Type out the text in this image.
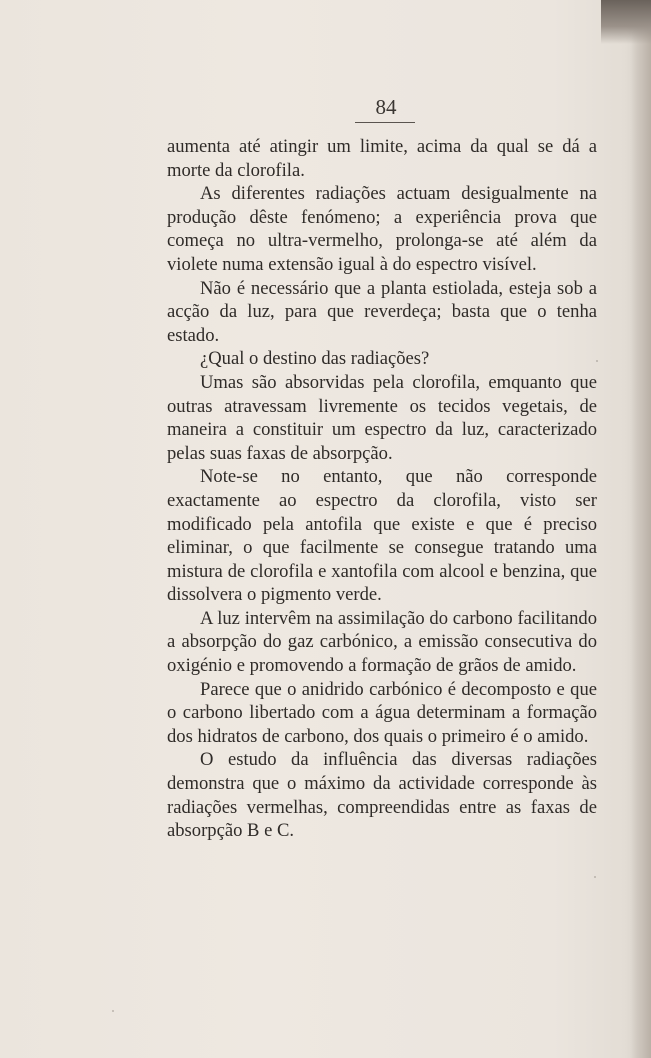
84

aumenta até atingir um limite, acima da qual se dá a morte da clorofila.

As diferentes radiações actuam desigualmente na produção dêste fenómeno; a experiência prova que começa no ultra-vermelho, prolonga-se até além da violete numa extensão igual à do espectro visível.

Não é necessário que a planta estiolada, esteja sob a acção da luz, para que reverdeça; basta que o tenha estado.

¿Qual o destino das radiações?

Umas são absorvidas pela clorofila, emquanto que outras atravessam livremente os tecidos vegetais, de maneira a constituir um espectro da luz, caracterizado pelas suas faxas de absorpção.

Note-se no entanto, que não corresponde exactamente ao espectro da clorofila, visto ser modificado pela antofila que existe e que é preciso eliminar, o que facilmente se consegue tratando uma mistura de clorofila e xantofila com alcool e benzina, que dissolvera o pigmento verde.

A luz intervêm na assimilação do carbono facilitando a absorpção do gaz carbónico, a emissão consecutiva do oxigénio e promovendo a formação de grãos de amido.

Parece que o anidrido carbónico é decomposto e que o carbono libertado com a água determinam a formação dos hidratos de carbono, dos quais o primeiro é o amido.

O estudo da influência das diversas radiações demonstra que o máximo da actividade corresponde às radiações vermelhas, compreendidas entre as faxas de absorpção B e C.
